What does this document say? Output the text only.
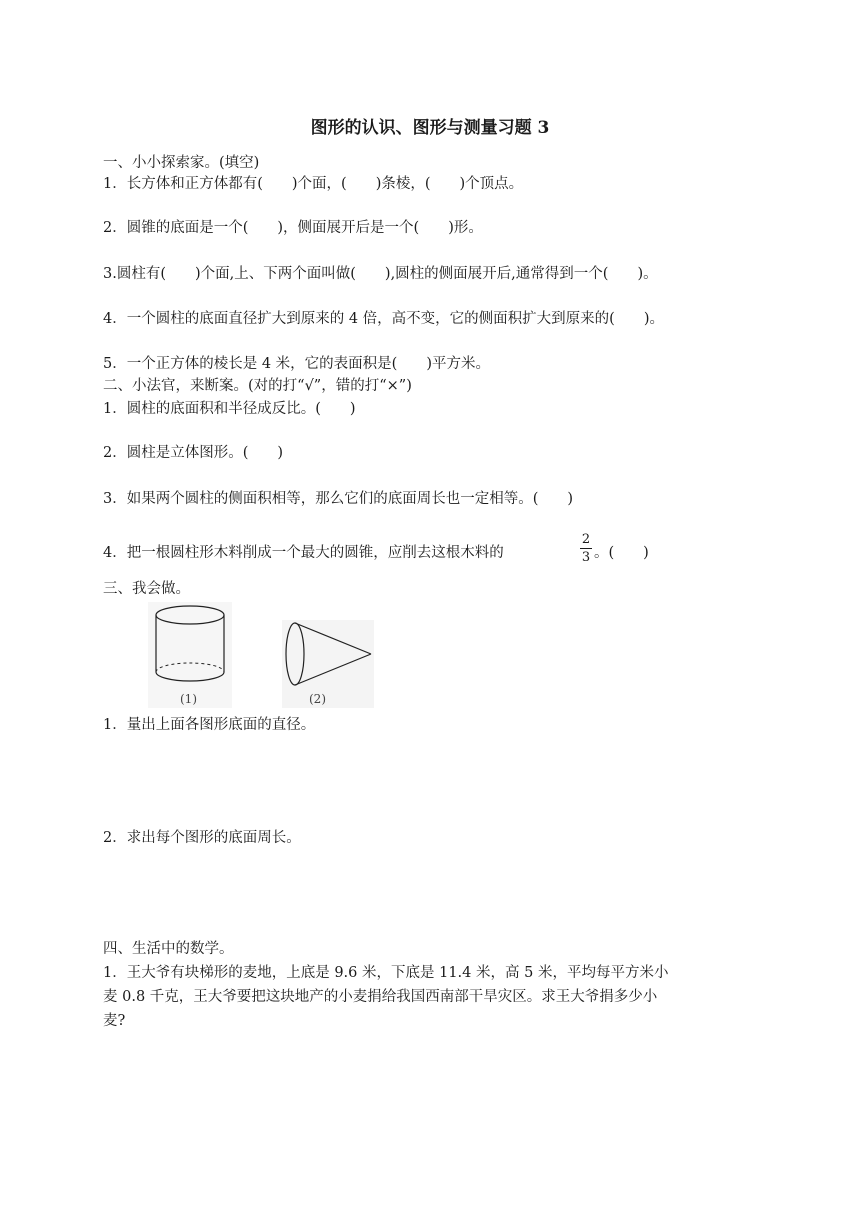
图形的认识、图形与测量习题 3
一、小小探索家。(填空)
1．长方体和正方体都有(　　)个面，(　　)条棱，(　　)个顶点。
2．圆锥的底面是一个(　　)，侧面展开后是一个(　　)形。
3.圆柱有(　　)个面,上、下两个面叫做(　　),圆柱的侧面展开后,通常得到一个(　　)。
4．一个圆柱的底面直径扩大到原来的 4 倍，高不变，它的侧面积扩大到原来的(　　)。
5．一个正方体的棱长是 4 米，它的表面积是(　　)平方米。
二、小法官，来断案。(对的打“√”，错的打“×”)
1．圆柱的底面积和半径成反比。(　　)
2．圆柱是立体图形。(　　)
3．如果两个圆柱的侧面积相等，那么它们的底面周长也一定相等。(　　)
4．把一根圆柱形木料削成一个最大的圆锥，应削去这根木料的
2
3 。(　　)
三、我会做。
(1)	(2)
1．量出上面各图形底面的直径。
2．求出每个图形的底面周长。
四、生活中的数学。
1．王大爷有块梯形的麦地，上底是 9.6 米，下底是 11.4 米，高 5 米，平均每平方米小
麦 0.8 千克，王大爷要把这块地产的小麦捐给我国西南部干旱灾区。求王大爷捐多少小
麦?
